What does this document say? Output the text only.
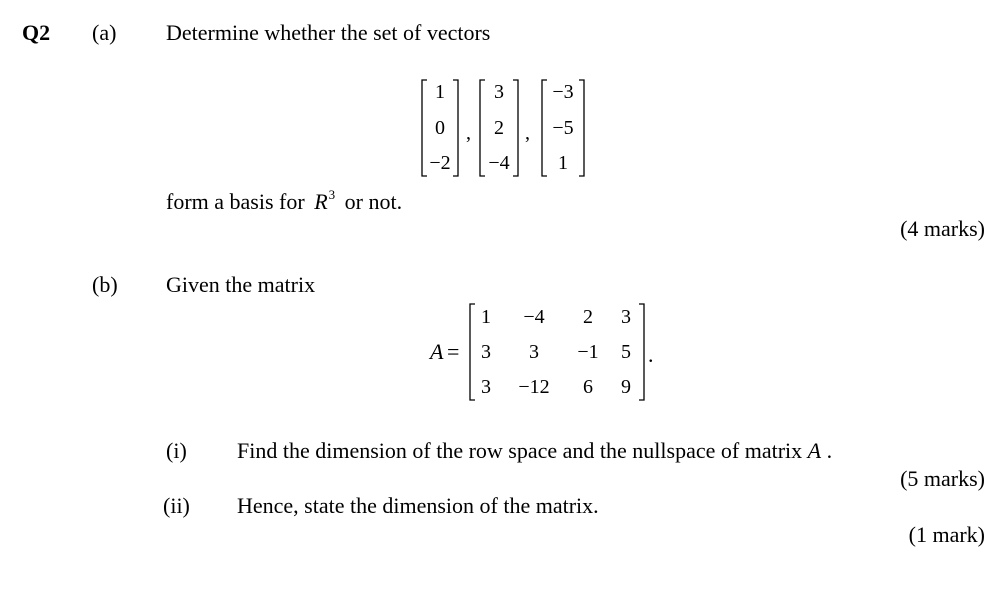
Q2 (a) Determine whether the set of vectors
1
0
−2
,
3
2
−4
,
−3
−5
1
form a basis for $R^3$ or not.
(4 marks)
(b) Given the matrix
A =
1	−4	2	3
3	3	−1	5
3	−12	6	9
.
(i) Find the dimension of the row space and the nullspace of matrix A .
(5 marks)
(ii) Hence, state the dimension of the matrix.
(1 mark)
